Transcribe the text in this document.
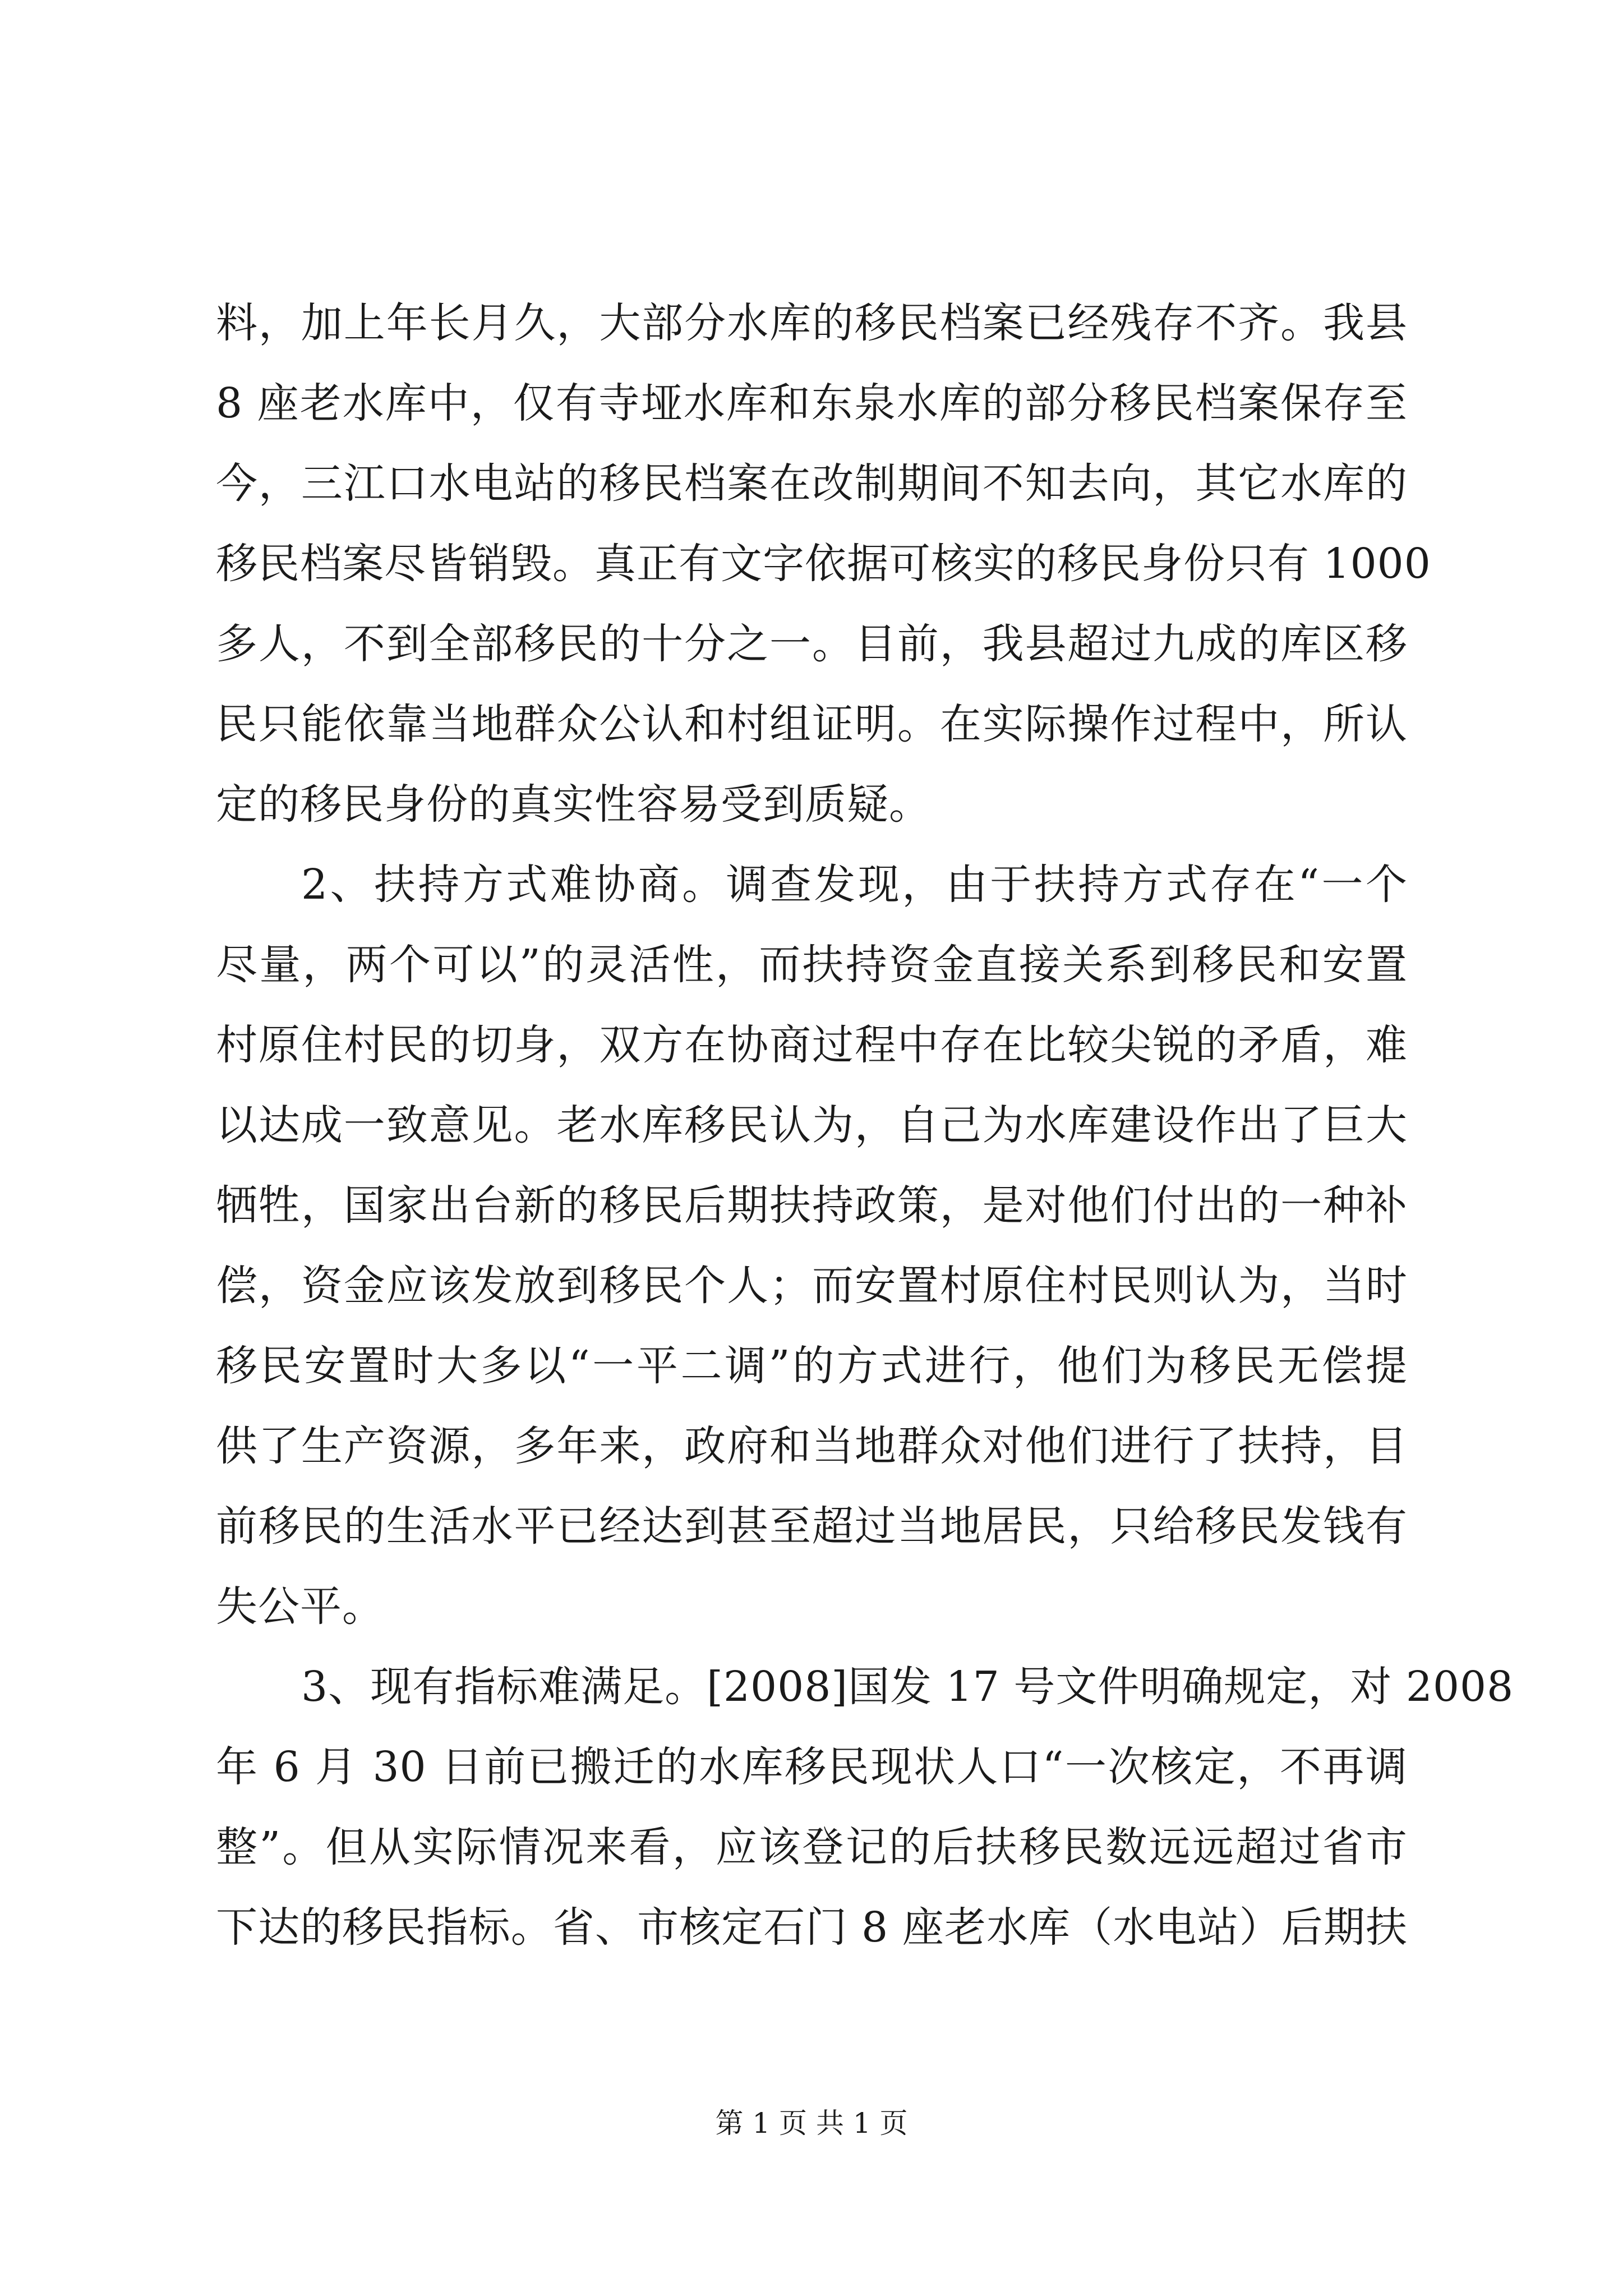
料，加上年长月久，大部分水库的移民档案已经残存不齐。我县
8 座老水库中，仅有寺垭水库和东泉水库的部分移民档案保存至
今，三江口水电站的移民档案在改制期间不知去向，其它水库的
移民档案尽皆销毁。真正有文字依据可核实的移民身份只有 1000
多人，不到全部移民的十分之一。目前，我县超过九成的库区移
民只能依靠当地群众公认和村组证明。在实际操作过程中，所认
定的移民身份的真实性容易受到质疑。
2、扶持方式难协商。调查发现，由于扶持方式存在“一个
尽量，两个可以”的灵活性，而扶持资金直接关系到移民和安置
村原住村民的切身，双方在协商过程中存在比较尖锐的矛盾，难
以达成一致意见。老水库移民认为，自己为水库建设作出了巨大
牺牲，国家出台新的移民后期扶持政策，是对他们付出的一种补
偿，资金应该发放到移民个人；而安置村原住村民则认为，当时
移民安置时大多以“一平二调”的方式进行，他们为移民无偿提
供了生产资源，多年来，政府和当地群众对他们进行了扶持，目
前移民的生活水平已经达到甚至超过当地居民，只给移民发钱有
失公平。
3、现有指标难满足。[2008]国发 17 号文件明确规定，对 2008
年 6 月 30 日前已搬迁的水库移民现状人口“一次核定，不再调
整”。但从实际情况来看，应该登记的后扶移民数远远超过省市
下达的移民指标。省、市核定石门 8 座老水库（水电站）后期扶
第 1 页 共 1 页
